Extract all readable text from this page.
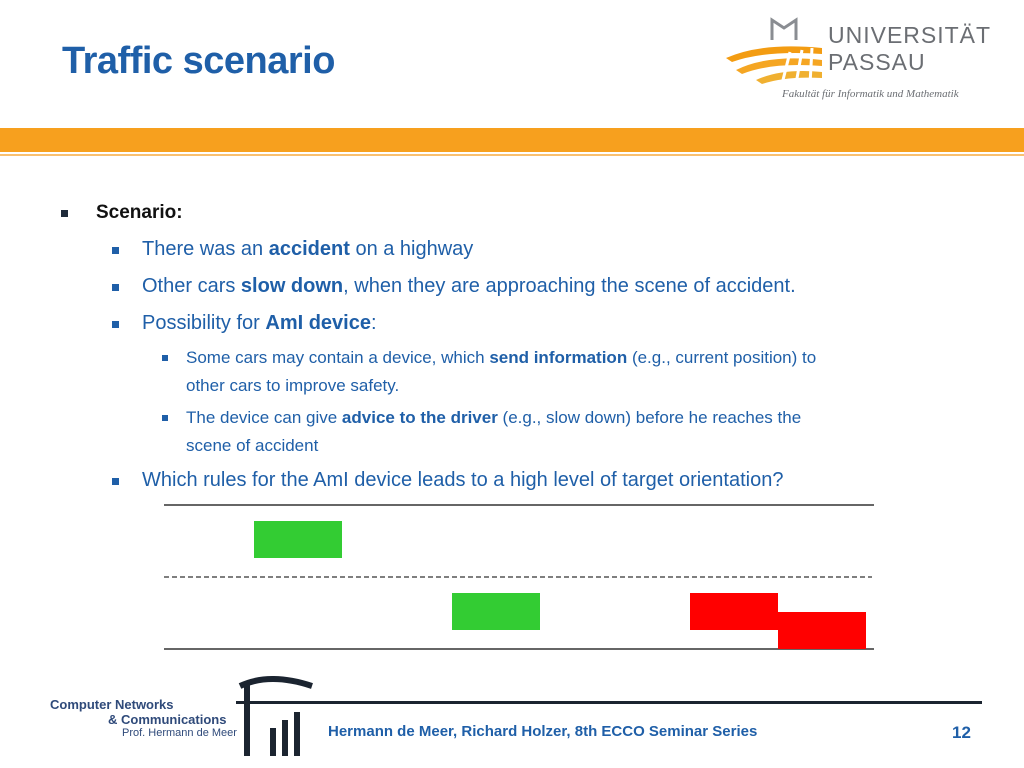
Traffic scenario
UNIVERSITÄT
PASSAU
Fakultät für Informatik und Mathematik
Scenario:
There was an accident on a highway
Other cars slow down, when they are approaching the scene of accident.
Possibility for AmI device:
Some cars may contain a device, which send information (e.g., current position) to
other cars to improve safety.
The device can give advice to the driver (e.g., slow down) before he reaches the
scene of accident
Which rules for the AmI device leads to a high level of target orientation?
Computer Networks
& Communications
Prof. Hermann de Meer	Hermann de Meer, Richard Holzer, 8th ECCO Seminar Series	12
